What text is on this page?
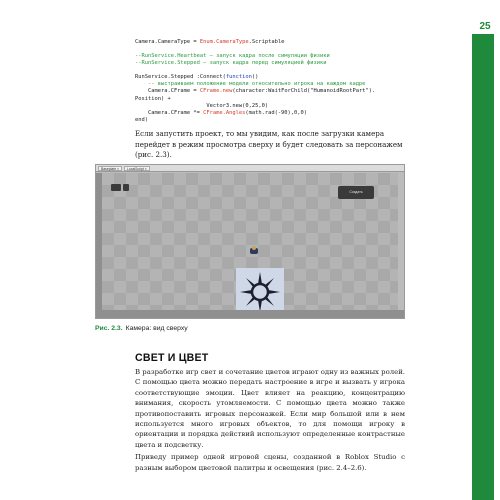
25
Camera.CameraType = Enum.CameraType.Scriptable
--RunService.Heartbeat — запуск кадра после симуляции физики
--RunService.Stepped — запуск кадра перед симуляцией физики
RunService.Stepped :Connect(function()
-- выстраиваем положение модели относительно игрока на каждом кадре
Camera.CFrame = CFrame.new(character:WaitForChild("HumanoidRootPart").
Position) +
Vector3.new(0,25,0)
Camera.CFrame *= CFrame.Angles(math.rad(-90),0,0)
end)

Если запустить проект, то мы увидим, как после загрузки камера перейдет в режим просмотра сверху и будет следовать за персонажем (рис. 2.3).

Baseplate ×	LocalScript ×
Создать
Рис. 2.3. Камера: вид сверху
СВЕТ И ЦВЕТ

В разработке игр свет и сочетание цветов играют одну из важных ролей. С помощью цвета можно передать настроение в игре и вызвать у игрока соответствующие эмоции. Цвет влияет на реакцию, концентрацию внимания, скорость утомляемости. С помощью цвета можно также противопоставить игровых персонажей. Если мир большой или в нем используется много игровых объектов, то для помощи игроку в ориентации и порядка действий используют определенные контрастные цвета и подсветку.

Приведу пример одной игровой сцены, созданной в Roblox Studio с разным выбором цветовой палитры и освещения (рис. 2.4–2.6).
